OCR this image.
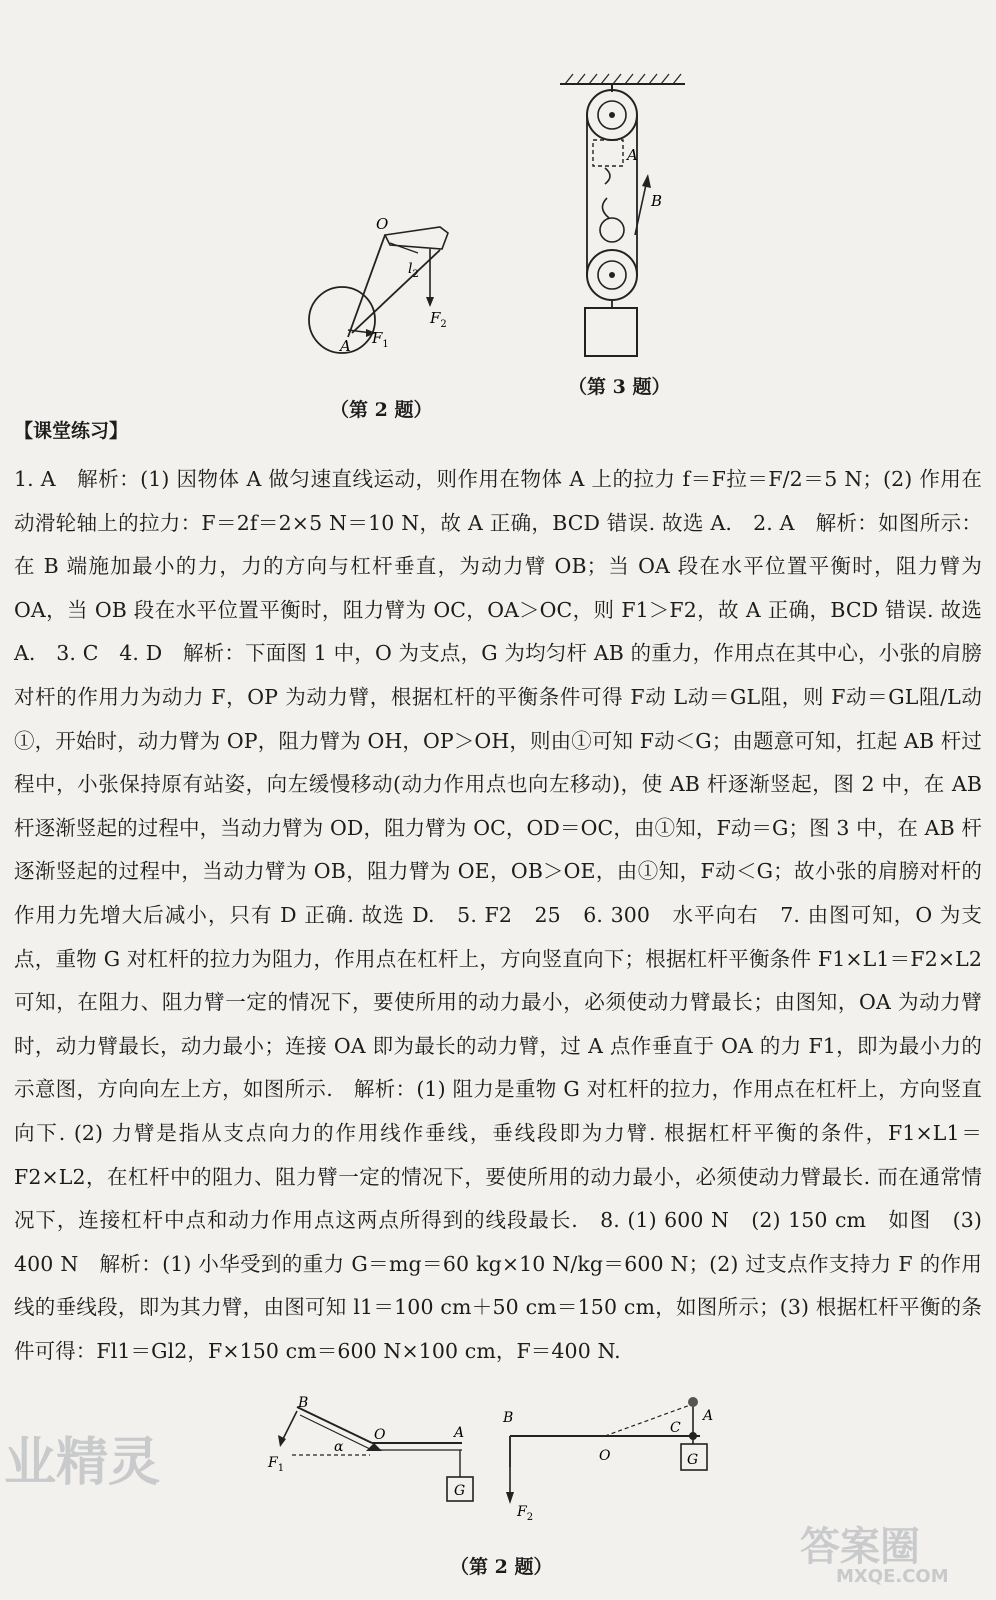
O
$l_2$
$F_2$
A $F_1$
（第 2 题）
A
B
（第 3 题）
【课堂练习】

1. A　解析：(1) 因物体 A 做匀速直线运动，则作用在物体 A 上的拉力 f＝F拉＝F/2＝5 N；(2) 作用在动滑轮轴上的拉力：F＝2f＝2×5 N＝10 N，故 A 正确，BCD 错误. 故选 A.　2. A　解析：如图所示：在 B 端施加最小的力，力的方向与杠杆垂直，为动力臂 OB；当 OA 段在水平位置平衡时，阻力臂为 OA，当 OB 段在水平位置平衡时，阻力臂为 OC，OA＞OC，则 F1＞F2，故 A 正确，BCD 错误. 故选 A.　3. C　4. D　解析：下面图 1 中，O 为支点，G 为均匀杆 AB 的重力，作用点在其中心，小张的肩膀对杆的作用力为动力 F，OP 为动力臂，根据杠杆的平衡条件可得 F动 L动＝GL阻，则 F动＝GL阻/L动①，开始时，动力臂为 OP，阻力臂为 OH，OP＞OH，则由①可知 F动＜G；由题意可知，扛起 AB 杆过程中，小张保持原有站姿，向左缓慢移动(动力作用点也向左移动)，使 AB 杆逐渐竖起，图 2 中，在 AB 杆逐渐竖起的过程中，当动力臂为 OD，阻力臂为 OC，OD＝OC，由①知，F动＝G；图 3 中，在 AB 杆逐渐竖起的过程中，当动力臂为 OB，阻力臂为 OE，OB＞OE，由①知，F动＜G；故小张的肩膀对杆的作用力先增大后减小，只有 D 正确. 故选 D.　5. F2　25　6. 300　水平向右　7. 由图可知，O 为支点，重物 G 对杠杆的拉力为阻力，作用点在杠杆上，方向竖直向下；根据杠杆平衡条件 F1×L1＝F2×L2 可知，在阻力、阻力臂一定的情况下，要使所用的动力最小，必须使动力臂最长；由图知，OA 为动力臂时，动力臂最长，动力最小；连接 OA 即为最长的动力臂，过 A 点作垂直于 OA 的力 F1，即为最小力的示意图，方向向左上方，如图所示.　解析：(1) 阻力是重物 G 对杠杆的拉力，作用点在杠杆上，方向竖直向下. (2) 力臂是指从支点向力的作用线作垂线，垂线段即为力臂. 根据杠杆平衡的条件，F1×L1＝F2×L2，在杠杆中的阻力、阻力臂一定的情况下，要使所用的动力最小，必须使动力臂最长. 而在通常情况下，连接杠杆中点和动力作用点这两点所得到的线段最长.　8. (1) 600 N　(2) 150 cm　如图　(3) 400 N　解析：(1) 小华受到的重力 G＝mg＝60 kg×10 N/kg＝600 N；(2) 过支点作支持力 F 的作用线的垂线段，即为其力臂，由图可知 l1＝100 cm＋50 cm＝150 cm，如图所示；(3) 根据杠杆平衡的条件可得：Fl1＝Gl2，F×150 cm＝600 N×100 cm，F＝400 N.

B
α
O	A
G
$F_1$
B
O
C
A
G
$F_2$
（第 2 题）
业精灵
答案圈
MXQE.COM
